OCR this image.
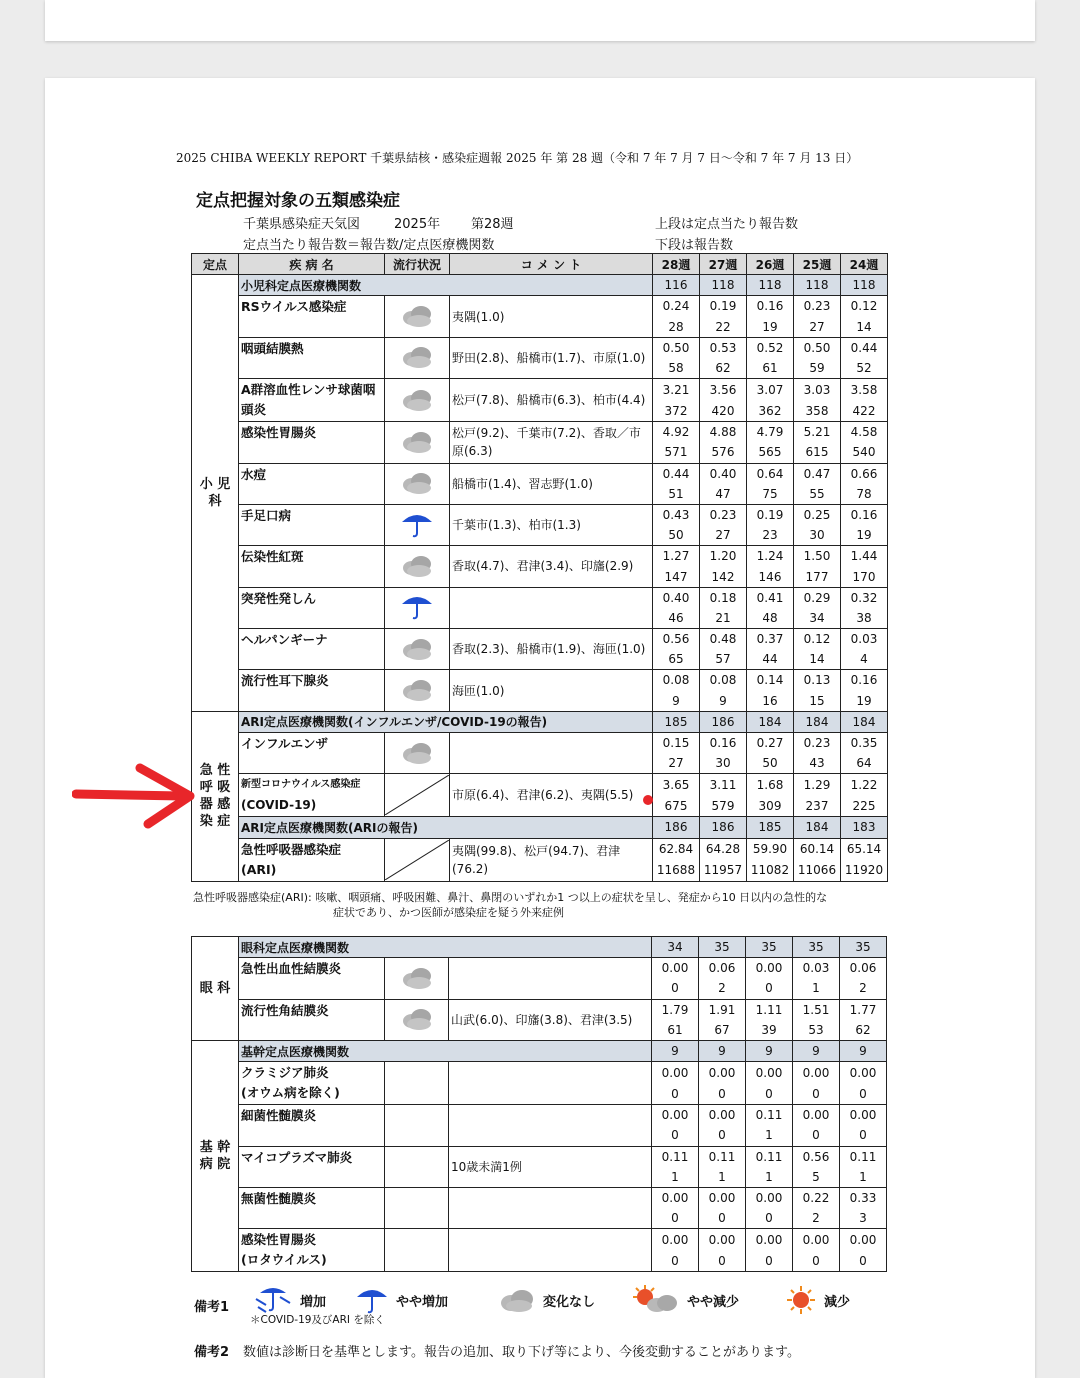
2025 CHIBA WEEKLY REPORT 千葉県結核・感染症週報 2025 年 第 28 週（令和 7 年 7 月 7 日～令和 7 年 7 月 13 日）
定点把握対象の五類感染症
千葉県感染症天気図	2025年 第28週	上段は定点当たり報告数
定点当たり報告数＝報告数/定点医療機関数	下段は報告数
定点	疾 病 名	流行状況	コ メ ン ト	28週	27週	26週	25週	24週
小 児 科	小児科定点医療機関数			116	118	118	118	118
	RSウイルス感染症		夷隅(1.0)	0.24	0.19	0.16	0.23	0.12
				28	22	19	27	14
	咽頭結膜熱		野田(2.8)、船橋市(1.7)、市原(1.0)	0.50	0.53	0.52	0.50	0.44
				58	62	61	59	52
	A群溶血性レンサ球菌咽頭炎		松戸(7.8)、船橋市(6.3)、柏市(4.4)	3.21	3.56	3.07	3.03	3.58
				372	420	362	358	422
	感染性胃腸炎		松戸(9.2)、千葉市(7.2)、香取／市原(6.3)	4.92	4.88	4.79	5.21	4.58
				571	576	565	615	540
	水痘		船橋市(1.4)、習志野(1.0)	0.44	0.40	0.64	0.47	0.66
				51	47	75	55	78
	手足口病		千葉市(1.3)、柏市(1.3)	0.43	0.23	0.19	0.25	0.16
				50	27	23	30	19
	伝染性紅斑		香取(4.7)、君津(3.4)、印旛(2.9)	1.27	1.20	1.24	1.50	1.44
				147	142	146	177	170
	突発性発しん			0.40	0.18	0.41	0.29	0.32
				46	21	48	34	38
	ヘルパンギーナ		香取(2.3)、船橋市(1.9)、海匝(1.0)	0.56	0.48	0.37	0.12	0.03
				65	57	44	14	4
	流行性耳下腺炎		海匝(1.0)	0.08	0.08	0.14	0.13	0.16
				9	9	16	15	19
急 性 呼 吸 器 感 染 症	ARI定点医療機関数(インフルエンザ/COVID-19の報告)			185	186	184	184	184
	インフルエンザ			0.15	0.16	0.27	0.23	0.35
				27	30	50	43	64

	新型コロナウイルス感染症
(COVID-19)		市原(6.4)、君津(6.2)、夷隅(5.5)	3.65	3.11	1.68	1.29	1.22
				675	579	309	237	225
	ARI定点医療機関数(ARIの報告)			186	186	185	184	183

	急性呼吸器感染症
(ARI)		夷隅(99.8)、松戸(94.7)、君津(76.2)	62.84	64.28	59.90	60.14	65.14
				11688	11957	11082	11066	11920
急性呼吸器感染症(ARI): 咳嗽、咽頭痛、呼吸困難、鼻汁、鼻閉のいずれか1 つ以上の症状を呈し、発症から10 日以内の急性的な
症状であり、かつ医師が感染症を疑う外来症例
眼 科	眼科定点医療機関数			34	35	35	35	35
	急性出血性結膜炎			0.00	0.06	0.00	0.03	0.06
				0	2	0	1	2
	流行性角結膜炎		山武(6.0)、印旛(3.8)、君津(3.5)	1.79	1.91	1.11	1.51	1.77
				61	67	39	53	62
基 幹 病 院	基幹定点医療機関数			9	9	9	9	9

	クラミジア肺炎
(オウム病を除く)			0.00	0.00	0.00	0.00	0.00
				0	0	0	0	0

	細菌性髄膜炎			0.00	0.00	0.11	0.00	0.00
				0	0	1	0	0

	マイコプラズマ肺炎		10歳未満1例	0.11	0.11	0.11	0.56	0.11
				1	1	1	5	1

	無菌性髄膜炎			0.00	0.00	0.00	0.22	0.33
				0	0	0	2	3

	感染性胃腸炎
(ロタウイルス)			0.00	0.00	0.00	0.00	0.00
				0	0	0	0	0
備考1	増加	やや増加	変化なし	やや減少	減少
＊COVID-19及びARI を除く
備考2 数値は診断日を基準とします。報告の追加、取り下げ等により、今後変動することがあります。
